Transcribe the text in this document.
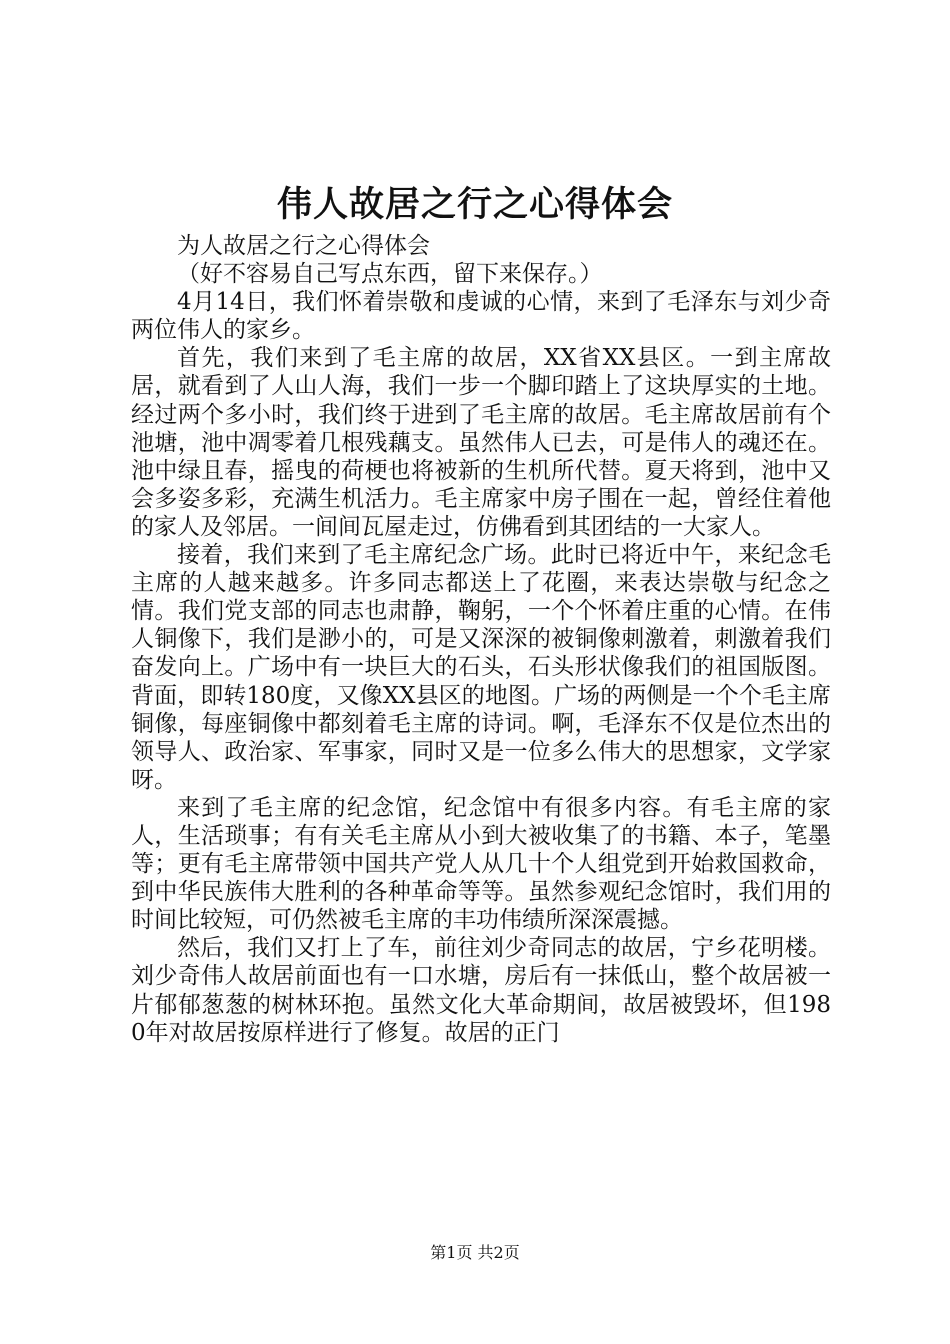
伟人故居之行之心得体会

为人故居之行之心得体会

（好不容易自己写点东西，留下来保存。）

4月14日，我们怀着崇敬和虔诚的心情，来到了毛泽东与刘少奇两位伟人的家乡。

首先，我们来到了毛主席的故居，XX省XX县区。一到主席故居，就看到了人山人海，我们一步一个脚印踏上了这块厚实的土地。经过两个多小时，我们终于进到了毛主席的故居。毛主席故居前有个池塘，池中凋零着几根残藕支。虽然伟人已去，可是伟人的魂还在。池中绿且春，摇曳的荷梗也将被新的生机所代替。夏天将到，池中又会多姿多彩，充满生机活力。毛主席家中房子围在一起，曾经住着他的家人及邻居。一间间瓦屋走过，仿佛看到其团结的一大家人。

接着，我们来到了毛主席纪念广场。此时已将近中午，来纪念毛主席的人越来越多。许多同志都送上了花圈，来表达崇敬与纪念之情。我们党支部的同志也肃静，鞠躬，一个个怀着庄重的心情。在伟人铜像下，我们是渺小的，可是又深深的被铜像刺激着，刺激着我们奋发向上。广场中有一块巨大的石头，石头形状像我们的祖国版图。背面，即转180度，又像XX县区的地图。广场的两侧是一个个毛主席铜像，每座铜像中都刻着毛主席的诗词。啊，毛泽东不仅是位杰出的领导人、政治家、军事家，同时又是一位多么伟大的思想家，文学家呀。

来到了毛主席的纪念馆，纪念馆中有很多内容。有毛主席的家人，生活琐事；有有关毛主席从小到大被收集了的书籍、本子，笔墨等；更有毛主席带领中国共产党人从几十个人组党到开始救国救命，到中华民族伟大胜利的各种革命等等。虽然参观纪念馆时，我们用的时间比较短，可仍然被毛主席的丰功伟绩所深深震撼。

然后，我们又打上了车，前往刘少奇同志的故居，宁乡花明楼。刘少奇伟人故居前面也有一口水塘，房后有一抹低山，整个故居被一片郁郁葱葱的树林环抱。虽然文化大革命期间，故居被毁坏，但1980年对故居按原样进行了修复。故居的正门

第1页 共2页
